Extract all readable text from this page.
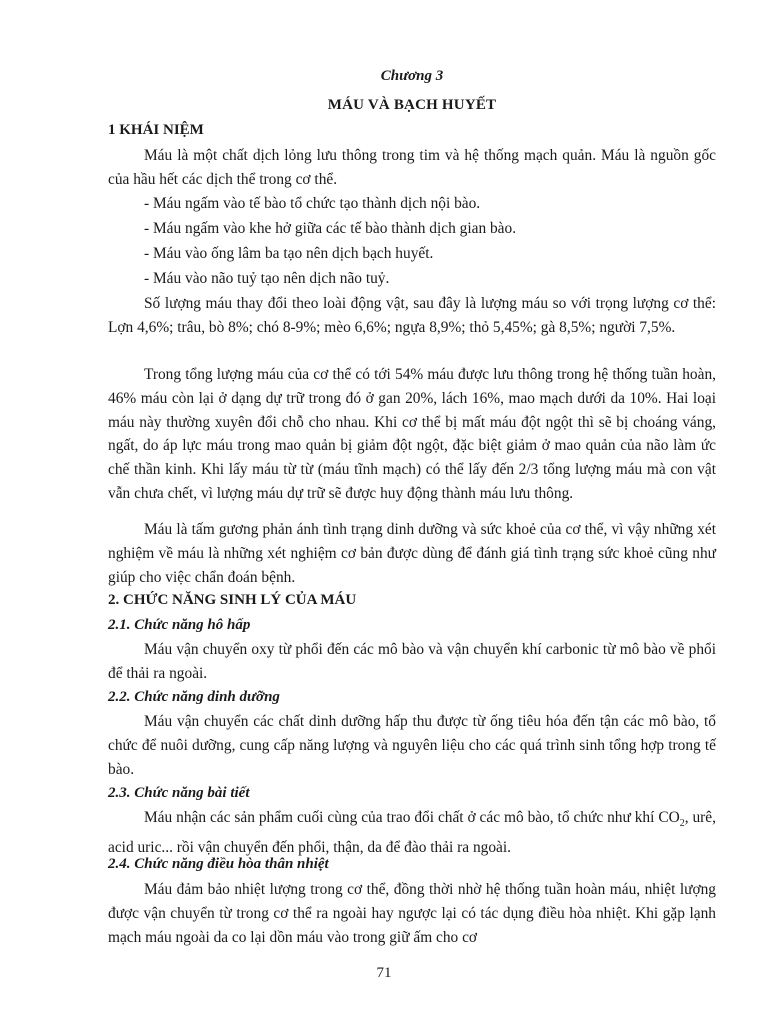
Chương 3
MÁU VÀ BẠCH HUYẾT
1 KHÁI NIỆM

Máu là một chất dịch lỏng lưu thông trong tim và hệ thống mạch quản. Máu là nguồn gốc của hầu hết các dịch thể trong cơ thể.

- Máu ngấm vào tế bào tổ chức tạo thành dịch nội bào.

- Máu ngấm vào khe hở giữa các tế bào thành dịch gian bào.

- Máu vào ống lâm ba tạo nên dịch bạch huyết.

- Máu vào não tuỷ tạo nên dịch não tuỷ.

Số lượng máu thay đổi theo loài động vật, sau đây là lượng máu so với trọng lượng cơ thể: Lợn 4,6%; trâu, bò 8%; chó 8-9%; mèo 6,6%; ngựa 8,9%; thỏ 5,45%; gà 8,5%; người 7,5%.

Trong tổng lượng máu của cơ thể có tới 54% máu được lưu thông trong hệ thống tuần hoàn, 46% máu còn lại ở dạng dự trữ trong đó ở gan 20%, lách 16%, mao mạch dưới da 10%. Hai loại máu này thường xuyên đổi chỗ cho nhau. Khi cơ thể bị mất máu đột ngột thì sẽ bị choáng váng, ngất, do áp lực máu trong mao quản bị giảm đột ngột, đặc biệt giảm ở mao quản của não làm ức chế thần kinh. Khi lấy máu từ từ (máu tĩnh mạch) có thể lấy đến 2/3 tổng lượng máu mà con vật vẫn chưa chết, vì lượng máu dự trữ sẽ được huy động thành máu lưu thông.

Máu là tấm gương phản ánh tình trạng dinh dưỡng và sức khoẻ của cơ thể, vì vậy những xét nghiệm về máu là những xét nghiệm cơ bản được dùng để đánh giá tình trạng sức khoẻ cũng như giúp cho việc chẩn đoán bệnh.

2. CHỨC NĂNG SINH LÝ CỦA MÁU
2.1. Chức năng hô hấp

Máu vận chuyển oxy từ phổi đến các mô bào và vận chuyển khí carbonic từ mô bào về phổi để thải ra ngoài.

2.2. Chức năng dinh dưỡng

Máu vận chuyển các chất dinh dưỡng hấp thu được từ ống tiêu hóa đến tận các mô bào, tổ chức để nuôi dưỡng, cung cấp năng lượng và nguyên liệu cho các quá trình sinh tổng hợp trong tế bào.

2.3. Chức năng bài tiết

Máu nhận các sản phẩm cuối cùng của trao đổi chất ở các mô bào, tổ chức như khí $CO_2$, urê, acid uric... rồi vận chuyển đến phổi, thận, da để đào thải ra ngoài.

2.4. Chức năng điều hòa thân nhiệt

Máu đảm bảo nhiệt lượng trong cơ thể, đồng thời nhờ hệ thống tuần hoàn máu, nhiệt lượng được vận chuyển từ trong cơ thể ra ngoài hay ngược lại có tác dụng điều hòa nhiệt. Khi gặp lạnh mạch máu ngoài da co lại dồn máu vào trong giữ ấm cho cơ

71
